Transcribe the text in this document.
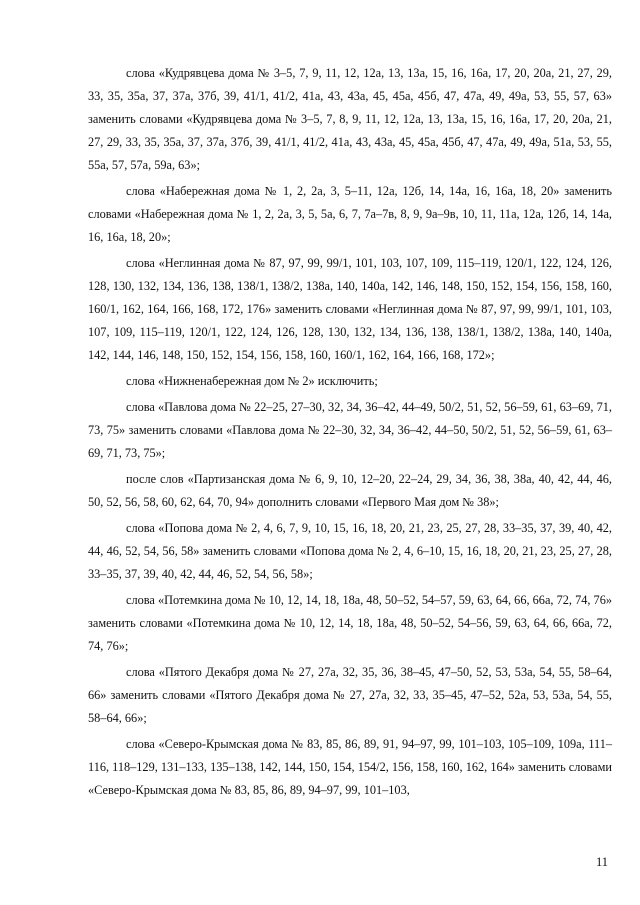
слова «Кудрявцева дома № 3–5, 7, 9, 11, 12, 12а, 13, 13а, 15, 16, 16а, 17, 20, 20а, 21, 27, 29, 33, 35, 35а, 37, 37а, 37б, 39, 41/1, 41/2, 41а, 43, 43а, 45, 45а, 45б, 47, 47а, 49, 49а, 53, 55, 57, 63» заменить словами «Кудрявцева дома № 3–5, 7, 8, 9, 11, 12, 12а, 13, 13а, 15, 16, 16а, 17, 20, 20а, 21, 27, 29, 33, 35, 35а, 37, 37а, 37б, 39, 41/1, 41/2, 41а, 43, 43а, 45, 45а, 45б, 47, 47а, 49, 49а, 51а, 53, 55, 55а, 57, 57а, 59а, 63»;

слова «Набережная дома № 1, 2, 2а, 3, 5–11, 12а, 12б, 14, 14а, 16, 16а, 18, 20» заменить словами «Набережная дома № 1, 2, 2а, 3, 5, 5а, 6, 7, 7а–7в, 8, 9, 9а–9в, 10, 11, 11а, 12а, 12б, 14, 14а, 16, 16а, 18, 20»;

слова «Неглинная дома № 87, 97, 99, 99/1, 101, 103, 107, 109, 115–119, 120/1, 122, 124, 126, 128, 130, 132, 134, 136, 138, 138/1, 138/2, 138а, 140, 140а, 142, 146, 148, 150, 152, 154, 156, 158, 160, 160/1, 162, 164, 166, 168, 172, 176» заменить словами «Неглинная дома № 87, 97, 99, 99/1, 101, 103, 107, 109, 115–119, 120/1, 122, 124, 126, 128, 130, 132, 134, 136, 138, 138/1, 138/2, 138а, 140, 140а, 142, 144, 146, 148, 150, 152, 154, 156, 158, 160, 160/1, 162, 164, 166, 168, 172»;

слова «Нижненабережная дом № 2» исключить;

слова «Павлова дома № 22–25, 27–30, 32, 34, 36–42, 44–49, 50/2, 51, 52, 56–59, 61, 63–69, 71, 73, 75» заменить словами «Павлова дома № 22–30, 32, 34, 36–42, 44–50, 50/2, 51, 52, 56–59, 61, 63–69, 71, 73, 75»;

после слов «Партизанская дома № 6, 9, 10, 12–20, 22–24, 29, 34, 36, 38, 38а, 40, 42, 44, 46, 50, 52, 56, 58, 60, 62, 64, 70, 94» дополнить словами «Первого Мая дом № 38»;

слова «Попова дома № 2, 4, 6, 7, 9, 10, 15, 16, 18, 20, 21, 23, 25, 27, 28, 33–35, 37, 39, 40, 42, 44, 46, 52, 54, 56, 58» заменить словами «Попова дома № 2, 4, 6–10, 15, 16, 18, 20, 21, 23, 25, 27, 28, 33–35, 37, 39, 40, 42, 44, 46, 52, 54, 56, 58»;

слова «Потемкина дома № 10, 12, 14, 18, 18а, 48, 50–52, 54–57, 59, 63, 64, 66, 66а, 72, 74, 76» заменить словами «Потемкина дома № 10, 12, 14, 18, 18а, 48, 50–52, 54–56, 59, 63, 64, 66, 66а, 72, 74, 76»;

слова «Пятого Декабря дома № 27, 27а, 32, 35, 36, 38–45, 47–50, 52, 53, 53а, 54, 55, 58–64, 66» заменить словами «Пятого Декабря дома № 27, 27а, 32, 33, 35–45, 47–52, 52а, 53, 53а, 54, 55, 58–64, 66»;

слова «Северо-Крымская дома № 83, 85, 86, 89, 91, 94–97, 99, 101–103, 105–109, 109а, 111–116, 118–129, 131–133, 135–138, 142, 144, 150, 154, 154/2, 156, 158, 160, 162, 164» заменить словами «Северо-Крымская дома № 83, 85, 86, 89, 94–97, 99, 101–103,

11
